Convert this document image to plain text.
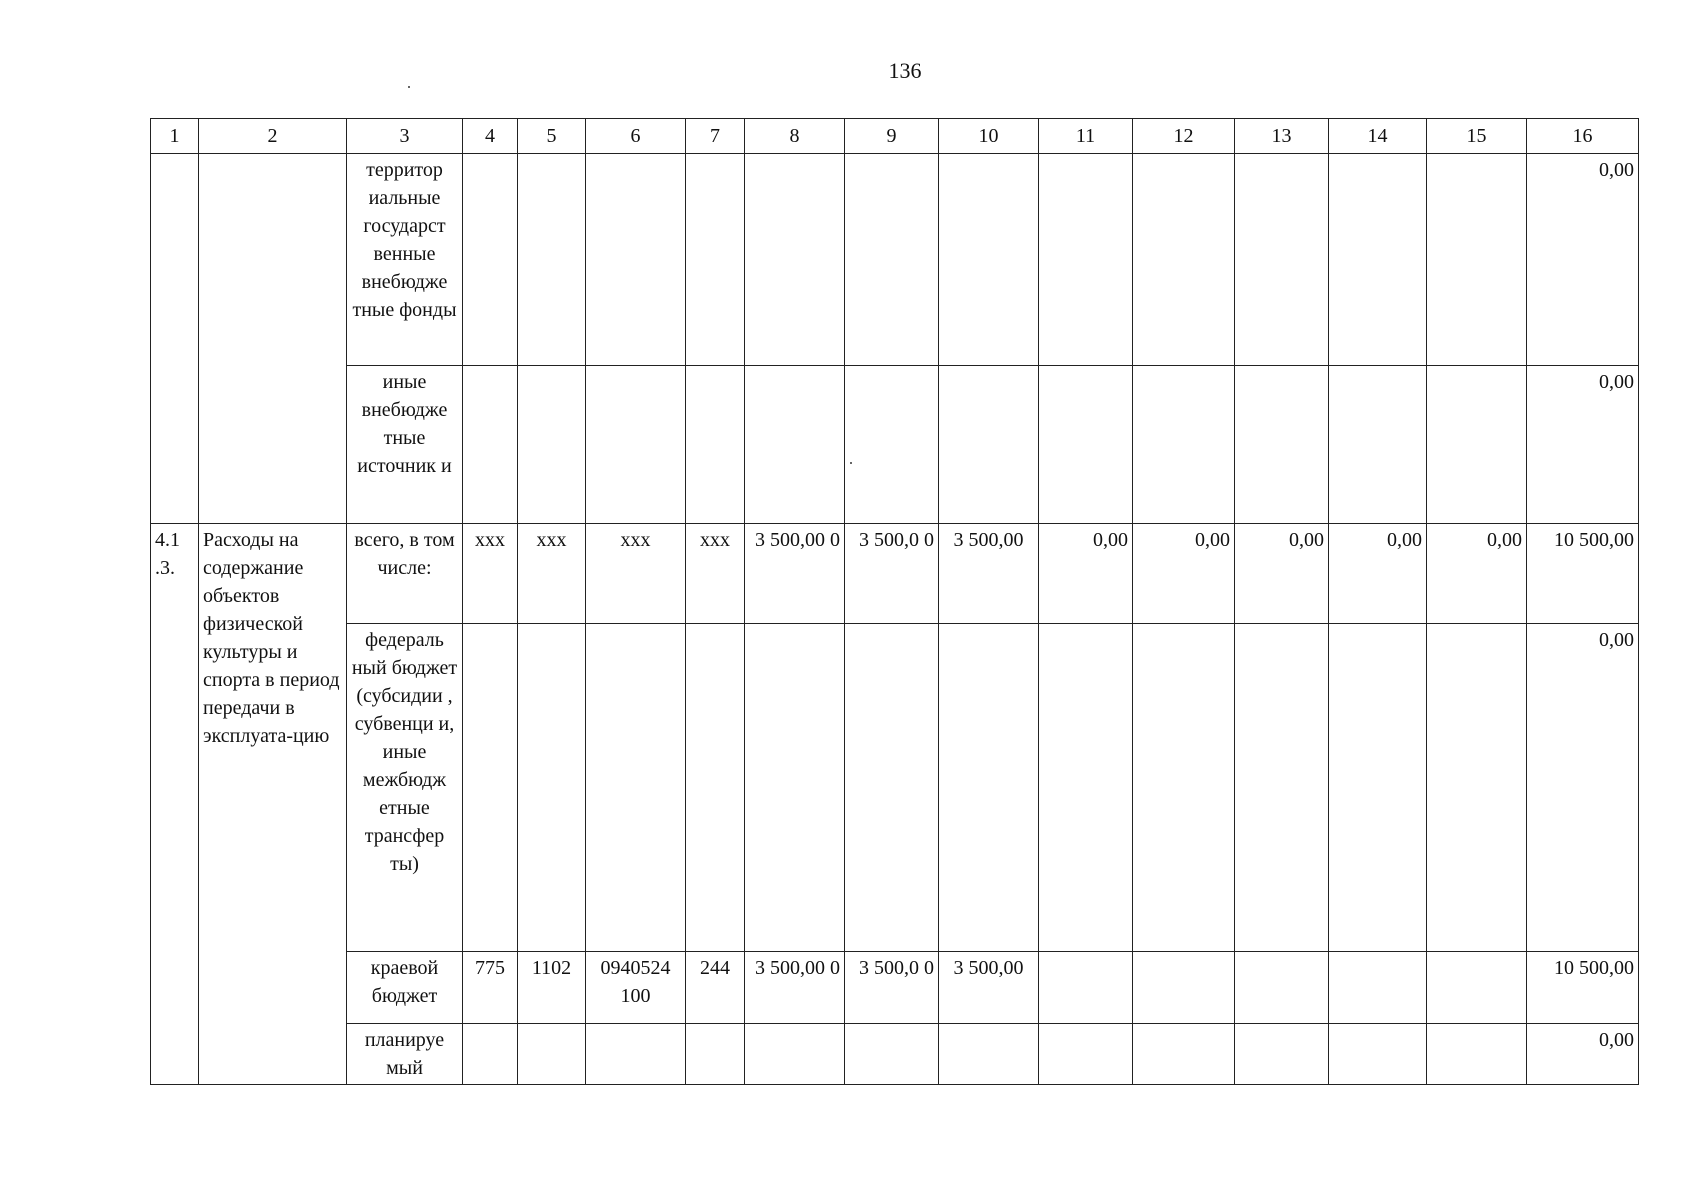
136
1	2	3	4	5	6	7	8	9	10	11	12	13	14	15	16
		территор иальные государст венные внебюдже тные фонды													0,00
		иные внебюдже тные источник и													0,00
4.1 .3.	Расходы на содержание объектов физической культуры и спорта в период передачи в эксплуата-цию	всего, в том числе:	xxx	xxx	xxx	xxx	3 500,00 0	3 500,0 0	3 500,00	0,00	0,00	0,00	0,00	0,00	10 500,00
		федераль ный бюджет (субсидии , субвенци и, иные межбюдж етные трансфер ты)													0,00
		краевой бюджет	775	1102	0940524 100	244	3 500,00 0	3 500,0 0	3 500,00						10 500,00
		планируе мый													0,00
